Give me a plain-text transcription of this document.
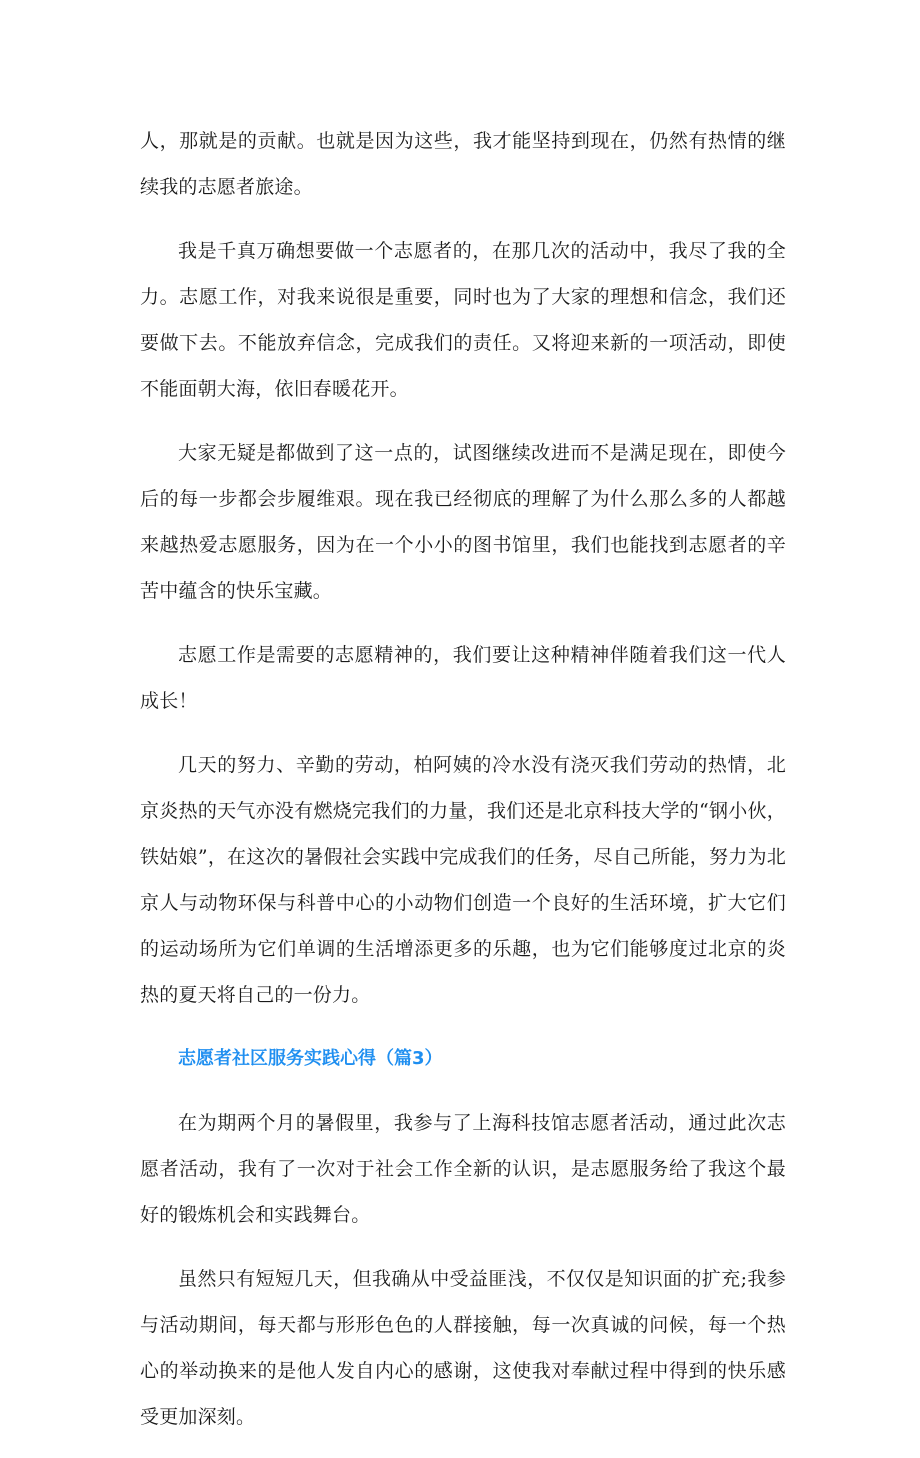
人，那就是的贡献。也就是因为这些，我才能坚持到现在，仍然有热情的继续我的志愿者旅途。

我是千真万确想要做一个志愿者的，在那几次的活动中，我尽了我的全力。志愿工作，对我来说很是重要，同时也为了大家的理想和信念，我们还要做下去。不能放弃信念，完成我们的责任。又将迎来新的一项活动，即使不能面朝大海，依旧春暖花开。

大家无疑是都做到了这一点的，试图继续改进而不是满足现在，即使今后的每一步都会步履维艰。现在我已经彻底的理解了为什么那么多的人都越来越热爱志愿服务，因为在一个小小的图书馆里，我们也能找到志愿者的辛苦中蕴含的快乐宝藏。

志愿工作是需要的志愿精神的，我们要让这种精神伴随着我们这一代人成长！

几天的努力、辛勤的劳动，柏阿姨的冷水没有浇灭我们劳动的热情，北京炎热的天气亦没有燃烧完我们的力量，我们还是北京科技大学的“钢小伙，铁姑娘”，在这次的暑假社会实践中完成我们的任务，尽自己所能，努力为北京人与动物环保与科普中心的小动物们创造一个良好的生活环境，扩大它们的运动场所为它们单调的生活增添更多的乐趣，也为它们能够度过北京的炎热的夏天将自己的一份力。

志愿者社区服务实践心得（篇3）

在为期两个月的暑假里，我参与了上海科技馆志愿者活动，通过此次志愿者活动，我有了一次对于社会工作全新的认识，是志愿服务给了我这个最好的锻炼机会和实践舞台。

虽然只有短短几天，但我确从中受益匪浅，不仅仅是知识面的扩充;我参与活动期间，每天都与形形色色的人群接触，每一次真诚的问候，每一个热心的举动换来的是他人发自内心的感谢，这使我对奉献过程中得到的快乐感受更加深刻。
